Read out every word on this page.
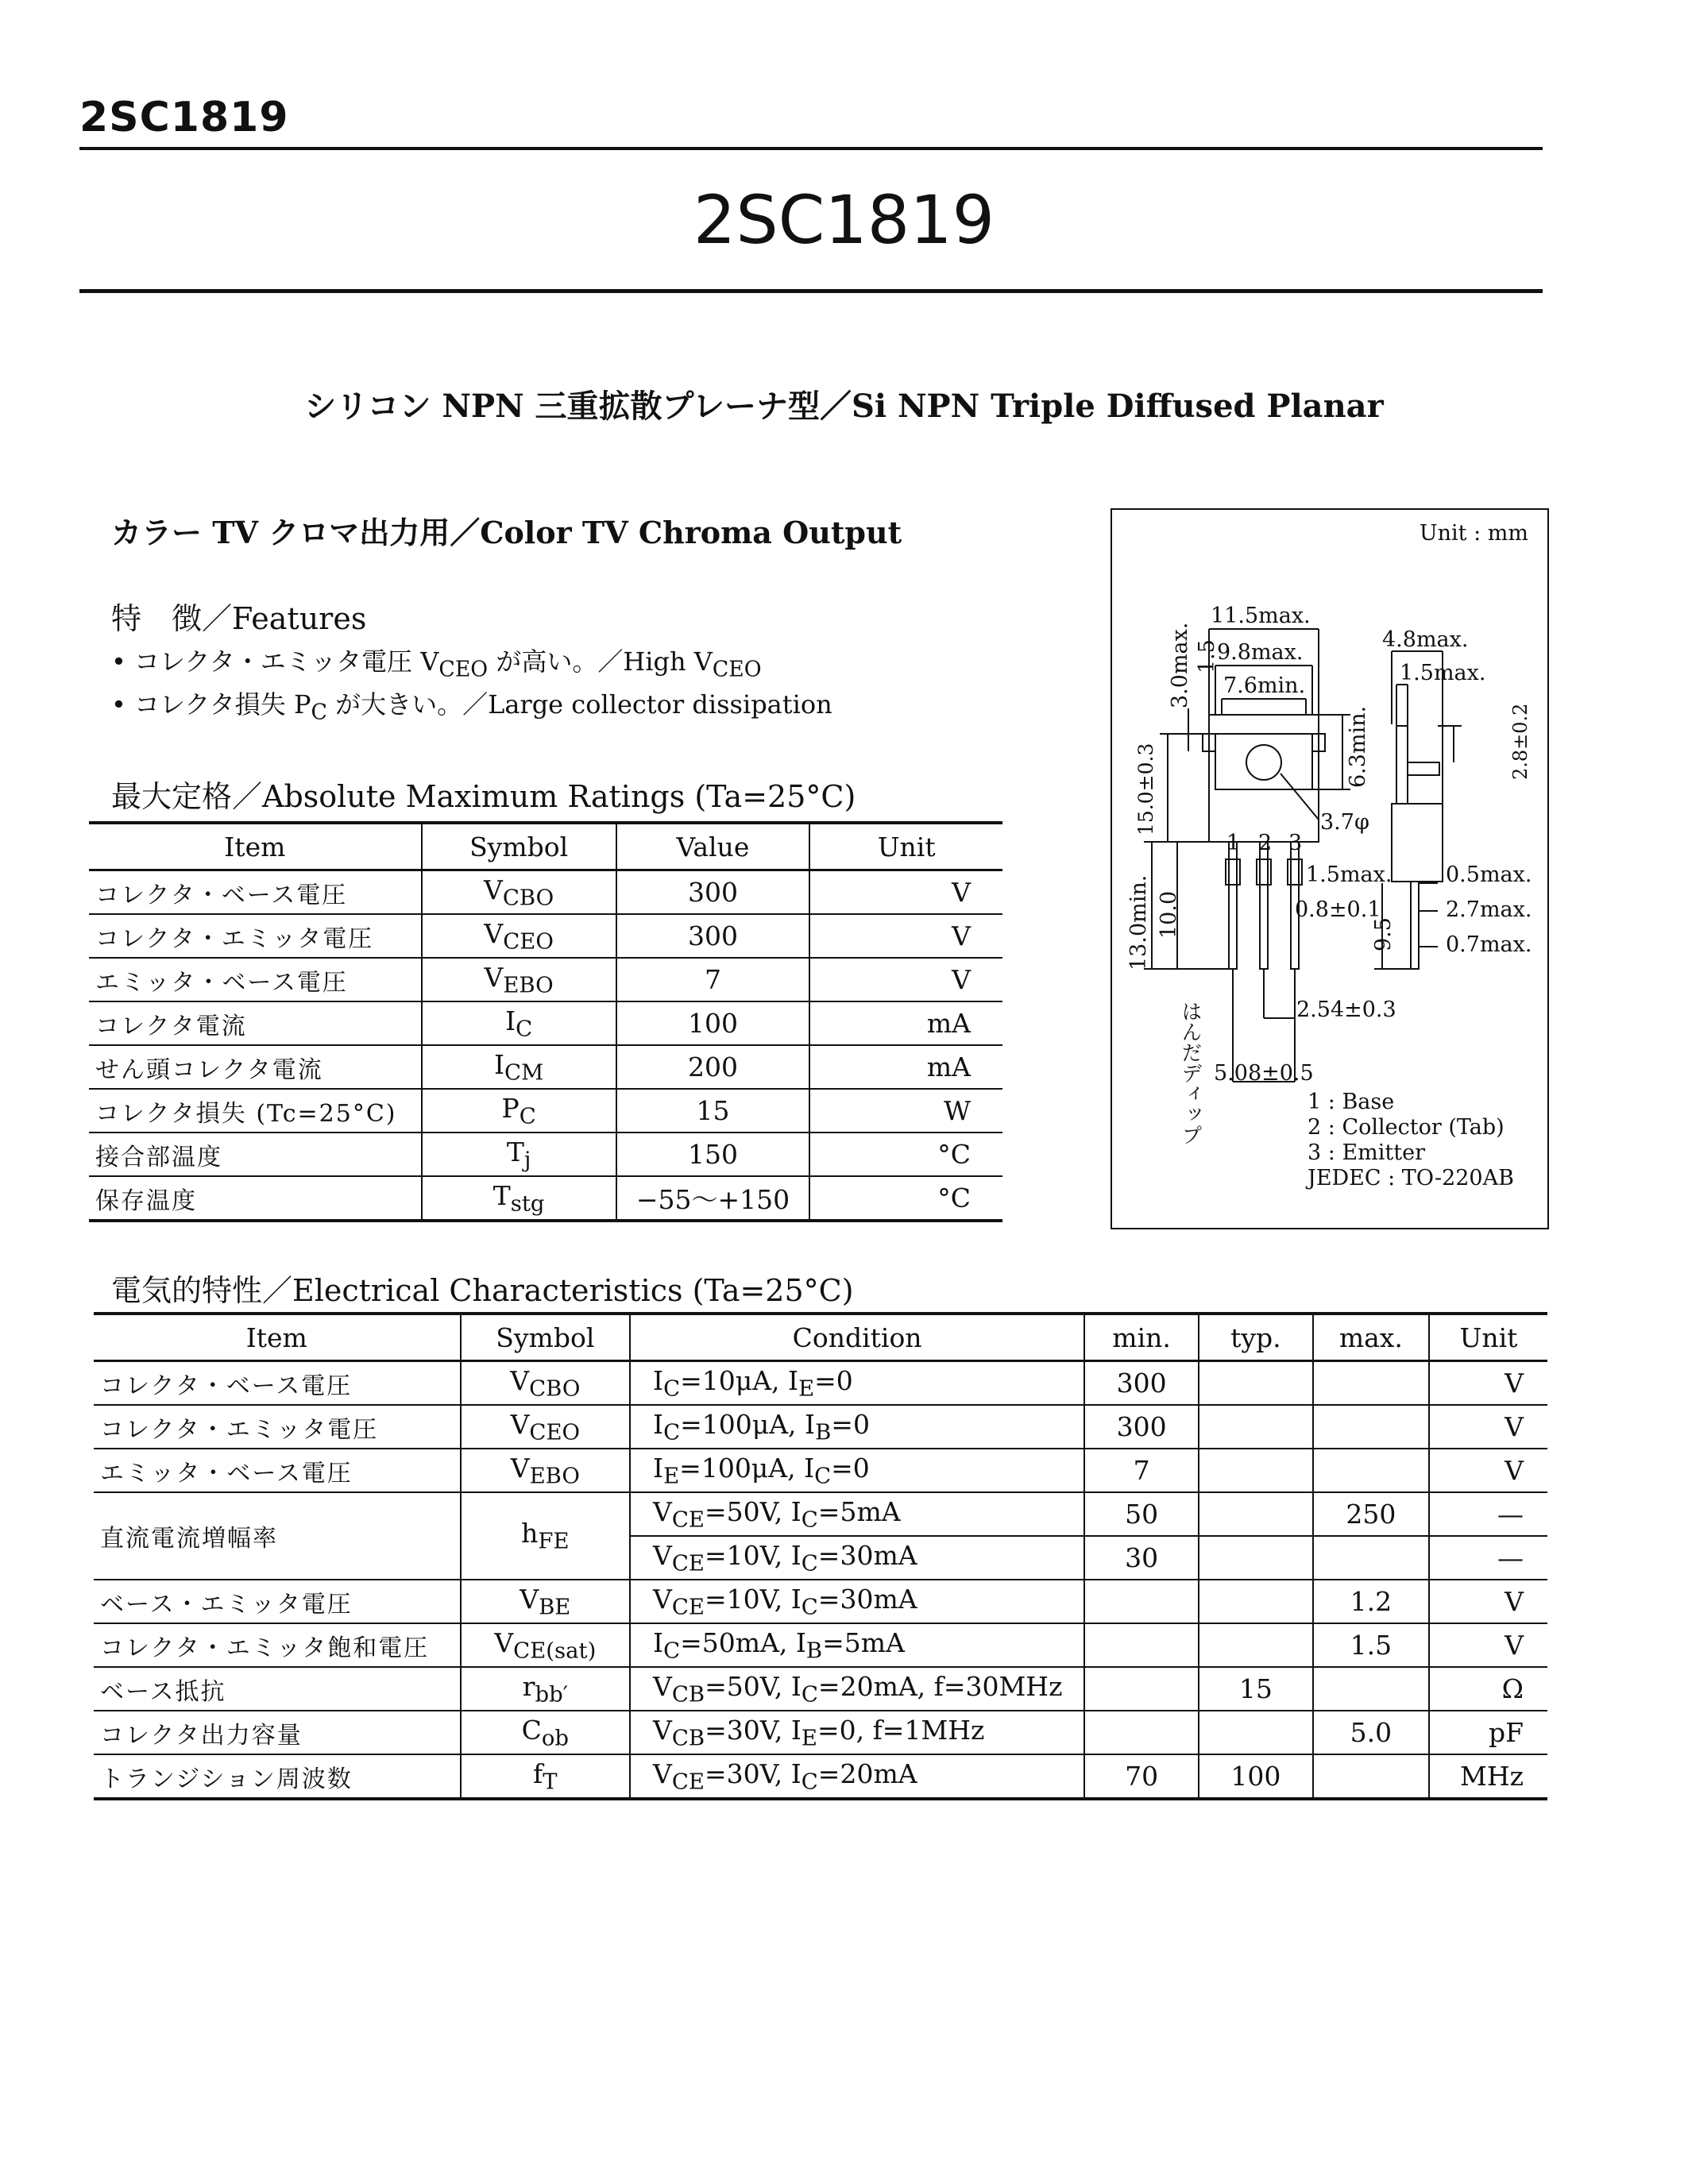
2SC1819
2SC1819
シリコン NPN 三重拡散プレーナ型／Si NPN Triple Diffused Planar
カラー TV クロマ出力用／Color TV Chroma Output
特　徴／Features
• コレクタ・エミッタ電圧 $V_{CEO}$ が高い。／High $V_{CEO}$
• コレクタ損失 $P_C$ が大きい。／Large collector dissipation
最大定格／Absolute Maximum Ratings (Ta=25°C)
Item	Symbol	Value	Unit
コレクタ・ベース電圧	$V_{CBO}$	300	V
コレクタ・エミッタ電圧	$V_{CEO}$	300	V
エミッタ・ベース電圧	$V_{EBO}$	7	V
コレクタ電流	$I_C$	100	mA
せん頭コレクタ電流	$I_{CM}$	200	mA
コレクタ損失 (Tc=25°C)	$P_C$	15	W
接合部温度	$T_j$	150	°C
保存温度	$T_{stg}$	−55～+150	°C
Unit : mm
11.5max.
9.8max.
7.6min.
4.8max.
1.5max.
3.0max. 1.5
6.3min.	2.8±0.2
15.0±0.3	3.7φ
1 2 3
1.5max.
0.8±0.1
0.5max.
2.7max.
0.7max.
13.0min. 10.0	9.5
2.54±0.3
5.08±0.5
はんだディップ	1 : Base
2 : Collector (Tab)
3 : Emitter
JEDEC : TO-220AB
電気的特性／Electrical Characteristics (Ta=25°C)
Item	Symbol	Condition	min.	typ.	max.	Unit
コレクタ・ベース電圧	$V_{CBO}$	$I_C=10\mu A$, $I_E=0$	300			V
コレクタ・エミッタ電圧	$V_{CEO}$	$I_C=100\mu A$, $I_B=0$	300			V
エミッタ・ベース電圧	$V_{EBO}$	$I_E=100\mu A$, $I_C=0$	7			V
直流電流増幅率	$h_{FE}$	$V_{CE}=50V$, $I_C=5mA$	50		250	—
		$V_{CE}=10V$, $I_C=30mA$	30			—
ベース・エミッタ電圧	$V_{BE}$	$V_{CE}=10V$, $I_C=30mA$			1.2	V
コレクタ・エミッタ飽和電圧	$V_{CE(sat)}$	$I_C=50mA$, $I_B=5mA$			1.5	V
ベース抵抗	$r_{bb'}$	$V_{CB}=50V$, $I_C=20mA$, f=30MHz		15		Ω
コレクタ出力容量	$C_{ob}$	$V_{CB}=30V$, $I_E=0$, f=1MHz			5.0	pF
トランジション周波数	$f_T$	$V_{CE}=30V$, $I_C=20mA$	70	100		MHz
